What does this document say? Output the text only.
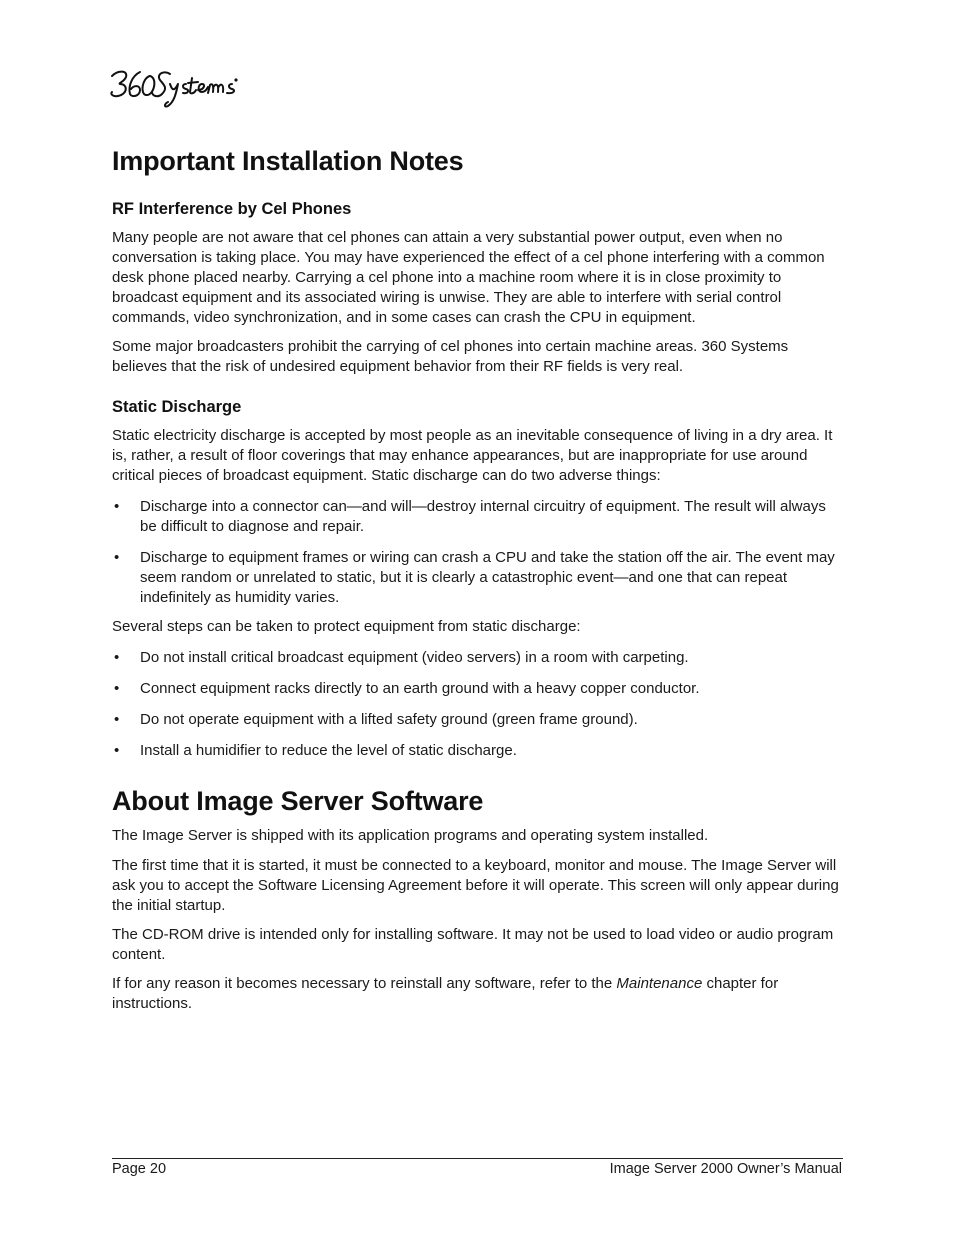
Important Installation Notes
RF Interference by Cel Phones

Many people are not aware that cel phones can attain a very substantial power output, even when no conversation is taking place. You may have experienced the effect of a cel phone interfering with a common desk phone placed nearby. Carrying a cel phone into a machine room where it is in close proximity to broadcast equipment and its associated wiring is unwise. They are able to interfere with serial control commands, video synchronization, and in some cases can crash the CPU in equipment.

Some major broadcasters prohibit the carrying of cel phones into certain machine areas. 360 Systems believes that the risk of undesired equipment behavior from their RF fields is very real.

Static Discharge

Static electricity discharge is accepted by most people as an inevitable consequence of living in a dry area. It is, rather, a result of floor coverings that may enhance appearances, but are inappropriate for use around critical pieces of broadcast equipment. Static discharge can do two adverse things:

• Discharge into a connector can—and will—destroy internal circuitry of equipment. The result will always be difficult to diagnose and repair.
• Discharge to equipment frames or wiring can crash a CPU and take the station off the air. The event may seem random or unrelated to static, but it is clearly a catastrophic event—and one that can repeat indefinitely as humidity varies.

Several steps can be taken to protect equipment from static discharge:

• Do not install critical broadcast equipment (video servers) in a room with carpeting.
• Connect equipment racks directly to an earth ground with a heavy copper conductor.
• Do not operate equipment with a lifted safety ground (green frame ground).
• Install a humidifier to reduce the level of static discharge.
About Image Server Software

The Image Server is shipped with its application programs and operating system installed.

The first time that it is started, it must be connected to a keyboard, monitor and mouse. The Image Server will ask you to accept the Software Licensing Agreement before it will operate. This screen will only appear during the initial startup.

The CD-ROM drive is intended only for installing software. It may not be used to load video or audio program content.

If for any reason it becomes necessary to reinstall any software, refer to the Maintenance chapter for instructions.

Page 20	Image Server 2000 Owner’s Manual
